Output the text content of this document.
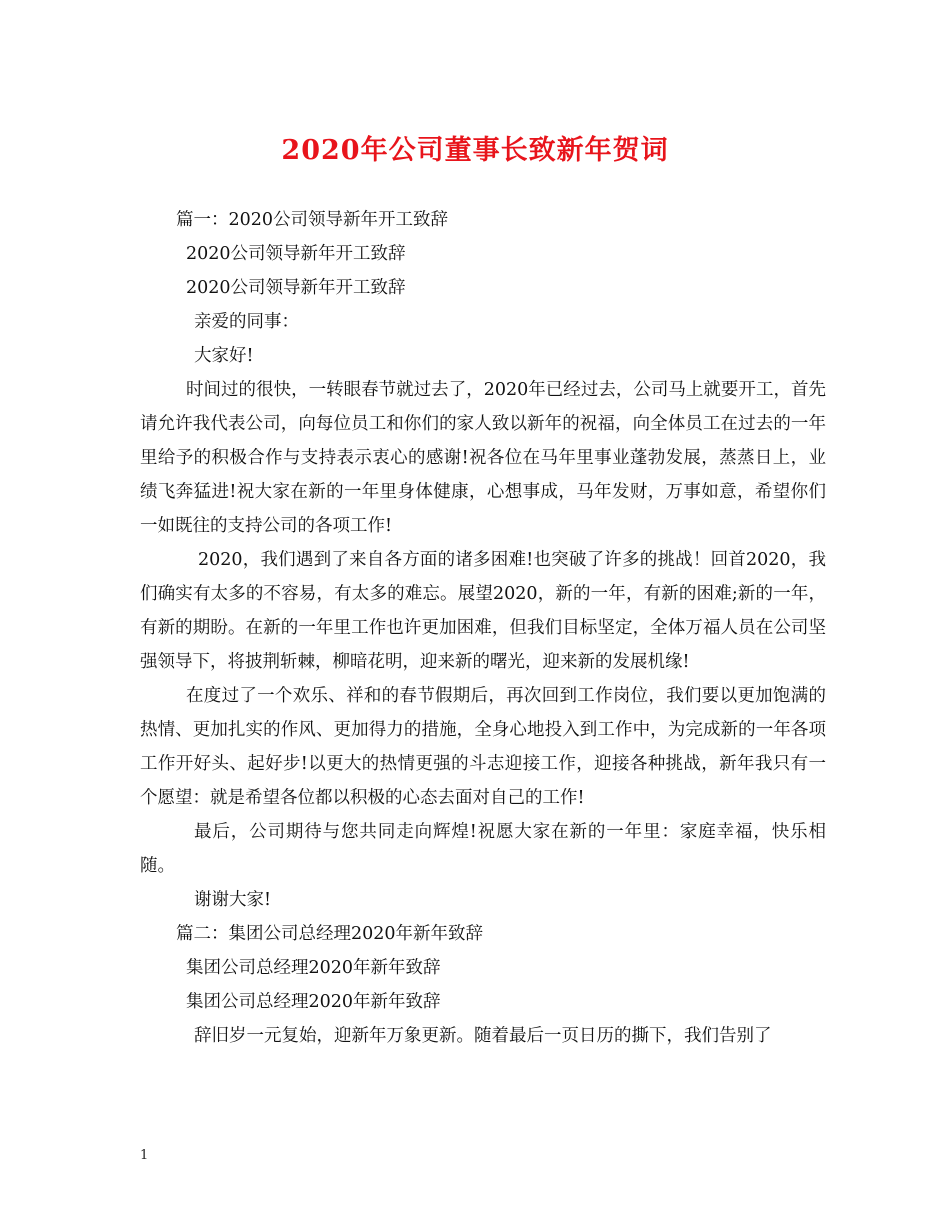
2020年公司董事长致新年贺词
篇一：2020公司领导新年开工致辞
2020公司领导新年开工致辞
2020公司领导新年开工致辞
亲爱的同事：
大家好!
时间过的很快，一转眼春节就过去了，2020年已经过去，公司马上就要开工，首先请允许我代表公司，向每位员工和你们的家人致以新年的祝福，向全体员工在过去的一年里给予的积极合作与支持表示衷心的感谢!祝各位在马年里事业蓬勃发展，蒸蒸日上，业绩飞奔猛进!祝大家在新的一年里身体健康，心想事成，马年发财，万事如意，希望你们一如既往的支持公司的各项工作!
2020，我们遇到了来自各方面的诸多困难!也突破了许多的挑战！回首2020，我们确实有太多的不容易，有太多的难忘。展望2020，新的一年，有新的困难;新的一年，有新的期盼。在新的一年里工作也许更加困难，但我们目标坚定，全体万福人员在公司坚强领导下，将披荆斩棘，柳暗花明，迎来新的曙光，迎来新的发展机缘!
在度过了一个欢乐、祥和的春节假期后，再次回到工作岗位，我们要以更加饱满的热情、更加扎实的作风、更加得力的措施，全身心地投入到工作中，为完成新的一年各项工作开好头、起好步!以更大的热情更强的斗志迎接工作，迎接各种挑战，新年我只有一个愿望：就是希望各位都以积极的心态去面对自己的工作!
最后，公司期待与您共同走向辉煌!祝愿大家在新的一年里：家庭幸福，快乐相随。
谢谢大家!
篇二：集团公司总经理2020年新年致辞
集团公司总经理2020年新年致辞
集团公司总经理2020年新年致辞
辞旧岁一元复始，迎新年万象更新。随着最后一页日历的撕下，我们告别了
1
